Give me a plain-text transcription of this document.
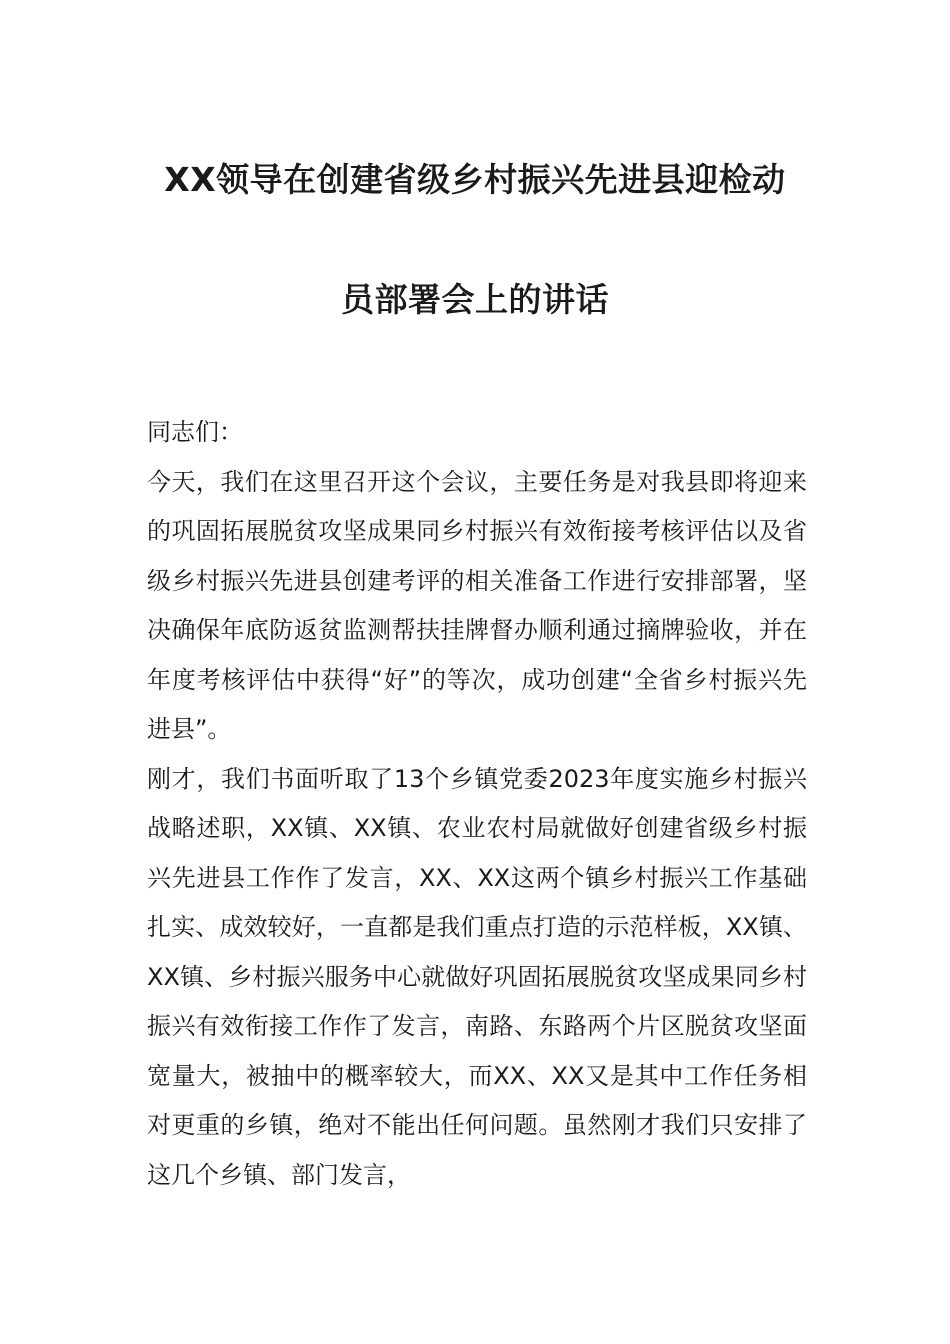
XX领导在创建省级乡村振兴先进县迎检动
员部署会上的讲话

同志们：

今天，我们在这里召开这个会议，主要任务是对我县即将迎来的巩固拓展脱贫攻坚成果同乡村振兴有效衔接考核评估以及省级乡村振兴先进县创建考评的相关准备工作进行安排部署，坚决确保年底防返贫监测帮扶挂牌督办顺利通过摘牌验收，并在年度考核评估中获得“好”的等次，成功创建“全省乡村振兴先进县”。

刚才，我们书面听取了13个乡镇党委2023年度实施乡村振兴战略述职，XX镇、XX镇、农业农村局就做好创建省级乡村振兴先进县工作作了发言，XX、XX这两个镇乡村振兴工作基础扎实、成效较好，一直都是我们重点打造的示范样板，XX镇、XX镇、乡村振兴服务中心就做好巩固拓展脱贫攻坚成果同乡村振兴有效衔接工作作了发言，南路、东路两个片区脱贫攻坚面宽量大，被抽中的概率较大，而XX、XX又是其中工作任务相对更重的乡镇，绝对不能出任何问题。虽然刚才我们只安排了这几个乡镇、部门发言，
